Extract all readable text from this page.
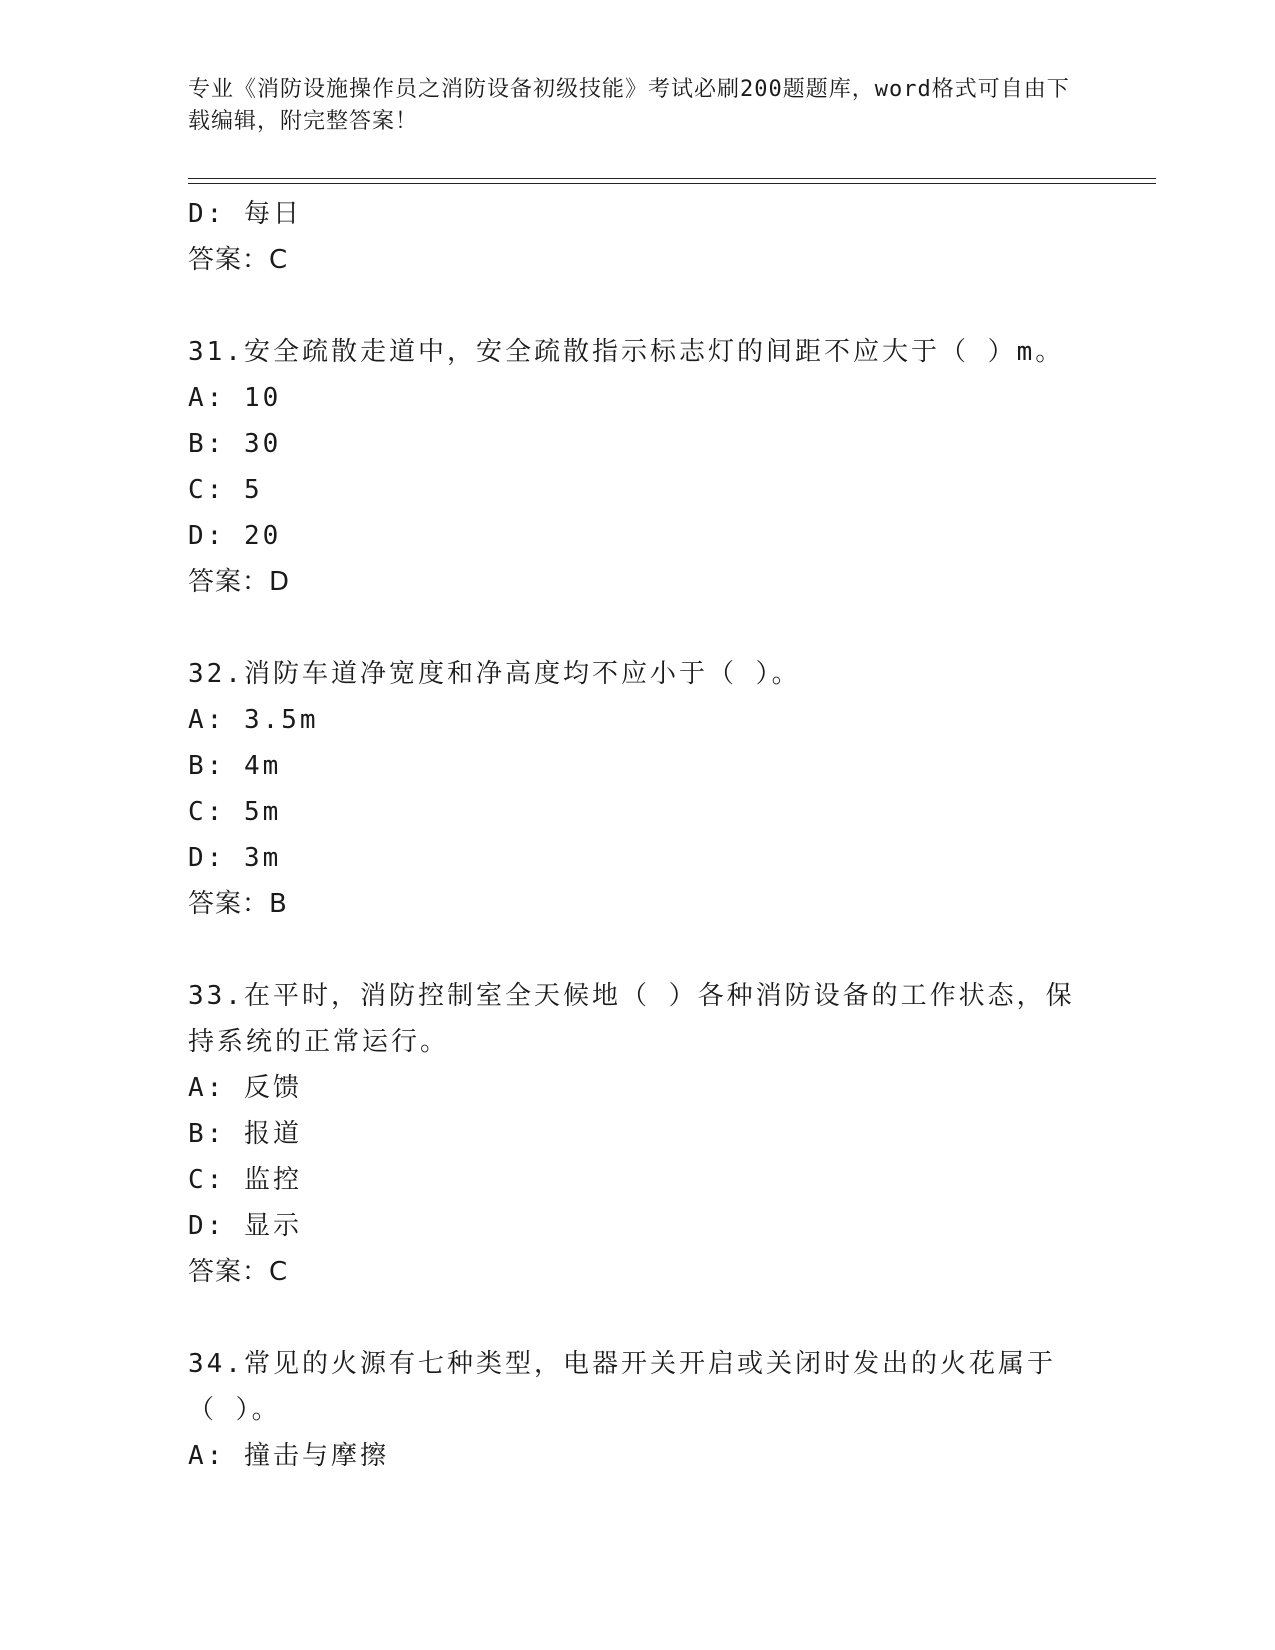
专业《消防设施操作员之消防设备初级技能》考试必刷200题题库，word格式可自由下载编辑，附完整答案！
D: 每日
答案：C
31.安全疏散走道中，安全疏散指示标志灯的间距不应大于（ ）m。
A: 10
B: 30
C: 5
D: 20
答案：D
32.消防车道净宽度和净高度均不应小于（ ）。
A: 3.5m
B: 4m
C: 5m
D: 3m
答案：B
33.在平时，消防控制室全天候地（ ）各种消防设备的工作状态，保持系统的正常运行。
A: 反馈
B: 报道
C: 监控
D: 显示
答案：C
34.常见的火源有七种类型，电器开关开启或关闭时发出的火花属于（ ）。
A: 撞击与摩擦
